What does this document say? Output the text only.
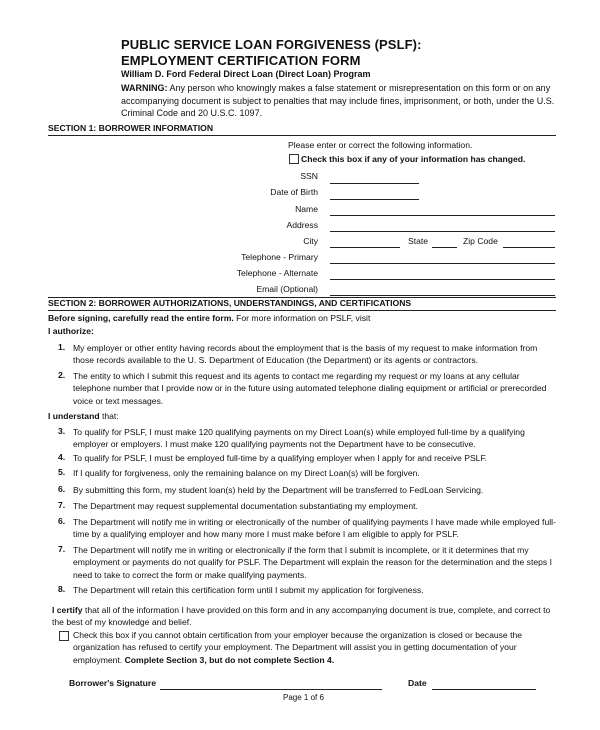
PUBLIC SERVICE LOAN FORGIVENESS (PSLF):
EMPLOYMENT CERTIFICATION FORM
William D. Ford Federal Direct Loan (Direct Loan) Program
WARNING: Any person who knowingly makes a false statement or misrepresentation on this form or on any accompanying document is subject to penalties that may include fines, imprisonment, or both, under the U.S. Criminal Code and 20 U.S.C. 1097.
SECTION 1: BORROWER INFORMATION
Please enter or correct the following information.
Check this box if any of your information has changed.
SSN
Date of Birth
Name
Address
City	State	Zip Code
Telephone - Primary
Telephone - Alternate
Email (Optional)
SECTION 2: BORROWER AUTHORIZATIONS, UNDERSTANDINGS, AND CERTIFICATIONS
Before signing, carefully read the entire form. For more information on PSLF, visit
I authorize:
1. My employer or other entity having records about the employment that is the basis of my request to make information from those records available to the U. S. Department of Education (the Department) or its agents or contractors.
2. The entity to which I submit this request and its agents to contact me regarding my request or my loans at any cellular telephone number that I provide now or in the future using automated telephone dialing equipment or artificial or prerecorded voice or text messages.
I understand that:
3. To qualify for PSLF, I must make 120 qualifying payments on my Direct Loan(s) while employed full-time by a qualifying employer or employers. I must make 120 qualifying payments not the Department have to be consecutive.
4. To qualify for PSLF, I must be employed full-time by a qualifying employer when I apply for and receive PSLF.
5. If I qualify for forgiveness, only the remaining balance on my Direct Loan(s) will be forgiven.
6. By submitting this form, my student loan(s) held by the Department will be transferred to FedLoan Servicing.
7. The Department may request supplemental documentation substantiating my employment.
6. The Department will notify me in writing or electronically of the number of qualifying payments I have made while employed full-time by a qualifying employer and how many more I must make before I am eligible to apply for PSLF.
7. The Department will notify me in writing or electronically if the form that I submit is incomplete, or it it determines that my employment or payments do not qualify for PSLF. The Department will explain the reason for the determination and the steps I need to take to correct the form or make qualifying payments.
8. The Department will retain this certification form until I submit my application for forgiveness.
I certify that all of the information I have provided on this form and in any accompanying document is true, complete, and correct to the best of my knowledge and belief.
Check this box if you cannot obtain certification from your employer because the organization is closed or because the organization has refused to certify your employment. The Department will assist you in getting documentation of your employment. Complete Section 3, but do not complete Section 4.
Borrower's Signature	Date
Page 1 of 6
